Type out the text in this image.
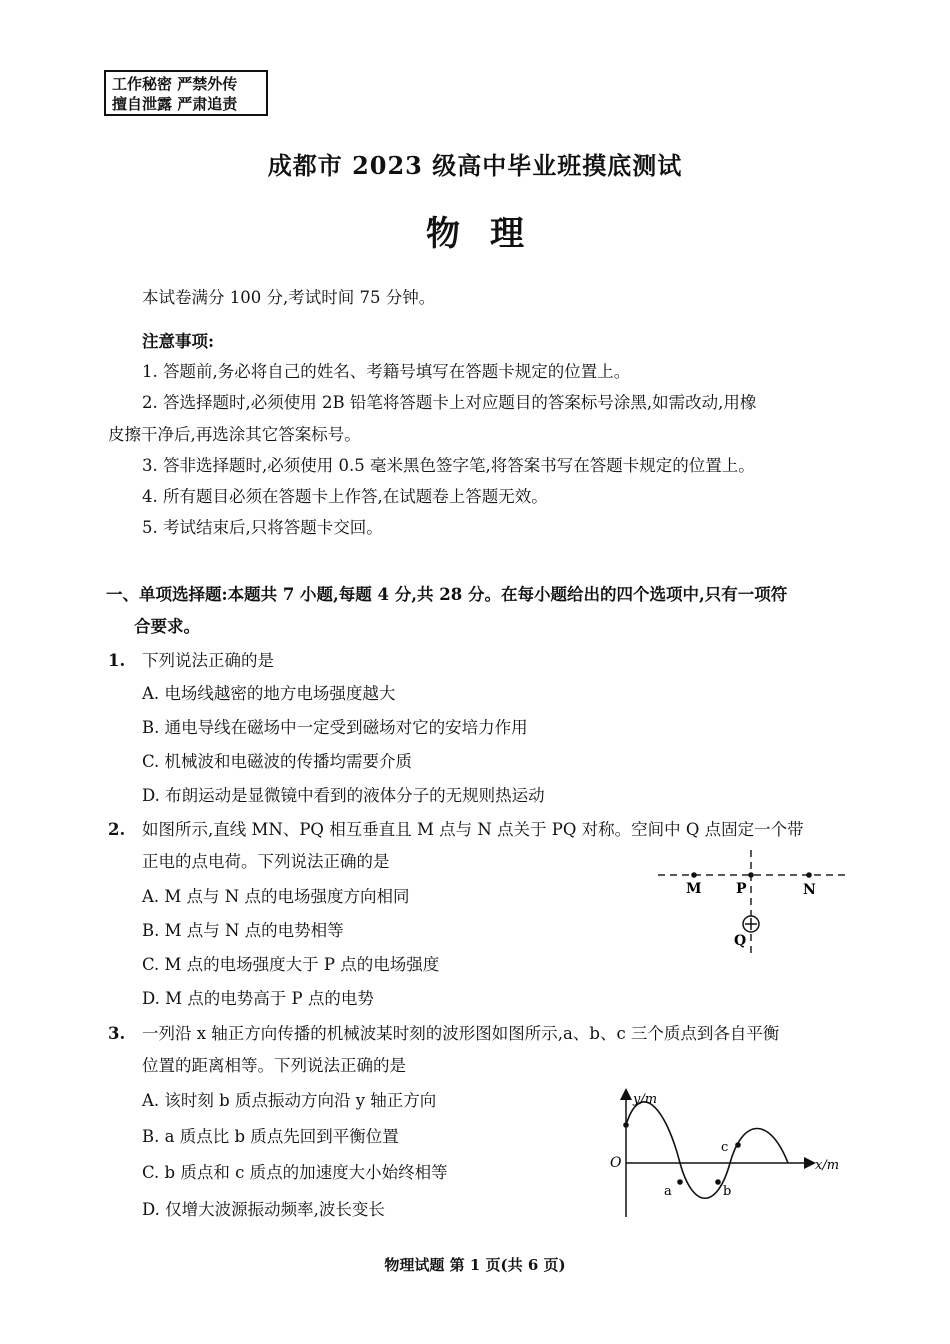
工作秘密 严禁外传
擅自泄露 严肃追责
成都市 2023 级高中毕业班摸底测试
物理
本试卷满分 100 分,考试时间 75 分钟。
注意事项:
1. 答题前,务必将自己的姓名、考籍号填写在答题卡规定的位置上。
2. 答选择题时,必须使用 2B 铅笔将答题卡上对应题目的答案标号涂黑,如需改动,用橡
皮擦干净后,再选涂其它答案标号。
3. 答非选择题时,必须使用 0.5 毫米黑色签字笔,将答案书写在答题卡规定的位置上。
4. 所有题目必须在答题卡上作答,在试题卷上答题无效。
5. 考试结束后,只将答题卡交回。
一、单项选择题:本题共 7 小题,每题 4 分,共 28 分。在每小题给出的四个选项中,只有一项符
合要求。
1. 下列说法正确的是
A. 电场线越密的地方电场强度越大
B. 通电导线在磁场中一定受到磁场对它的安培力作用
C. 机械波和电磁波的传播均需要介质
D. 布朗运动是显微镜中看到的液体分子的无规则热运动
2. 如图所示,直线 MN、PQ 相互垂直且 M 点与 N 点关于 PQ 对称。空间中 Q 点固定一个带
正电的点电荷。下列说法正确的是
A. M 点与 N 点的电场强度方向相同
B. M 点与 N 点的电势相等
C. M 点的电场强度大于 P 点的电场强度
D. M 点的电势高于 P 点的电势
M P	N
Q
3. 一列沿 x 轴正方向传播的机械波某时刻的波形图如图所示,a、b、c 三个质点到各自平衡
位置的距离相等。下列说法正确的是
A. 该时刻 b 质点振动方向沿 y 轴正方向
B. a 质点比 b 质点先回到平衡位置
C. b 质点和 c 质点的加速度大小始终相等
D. 仅增大波源振动频率,波长变长
y/m
x/m
O
a	b
c
物理试题 第 1 页(共 6 页)
